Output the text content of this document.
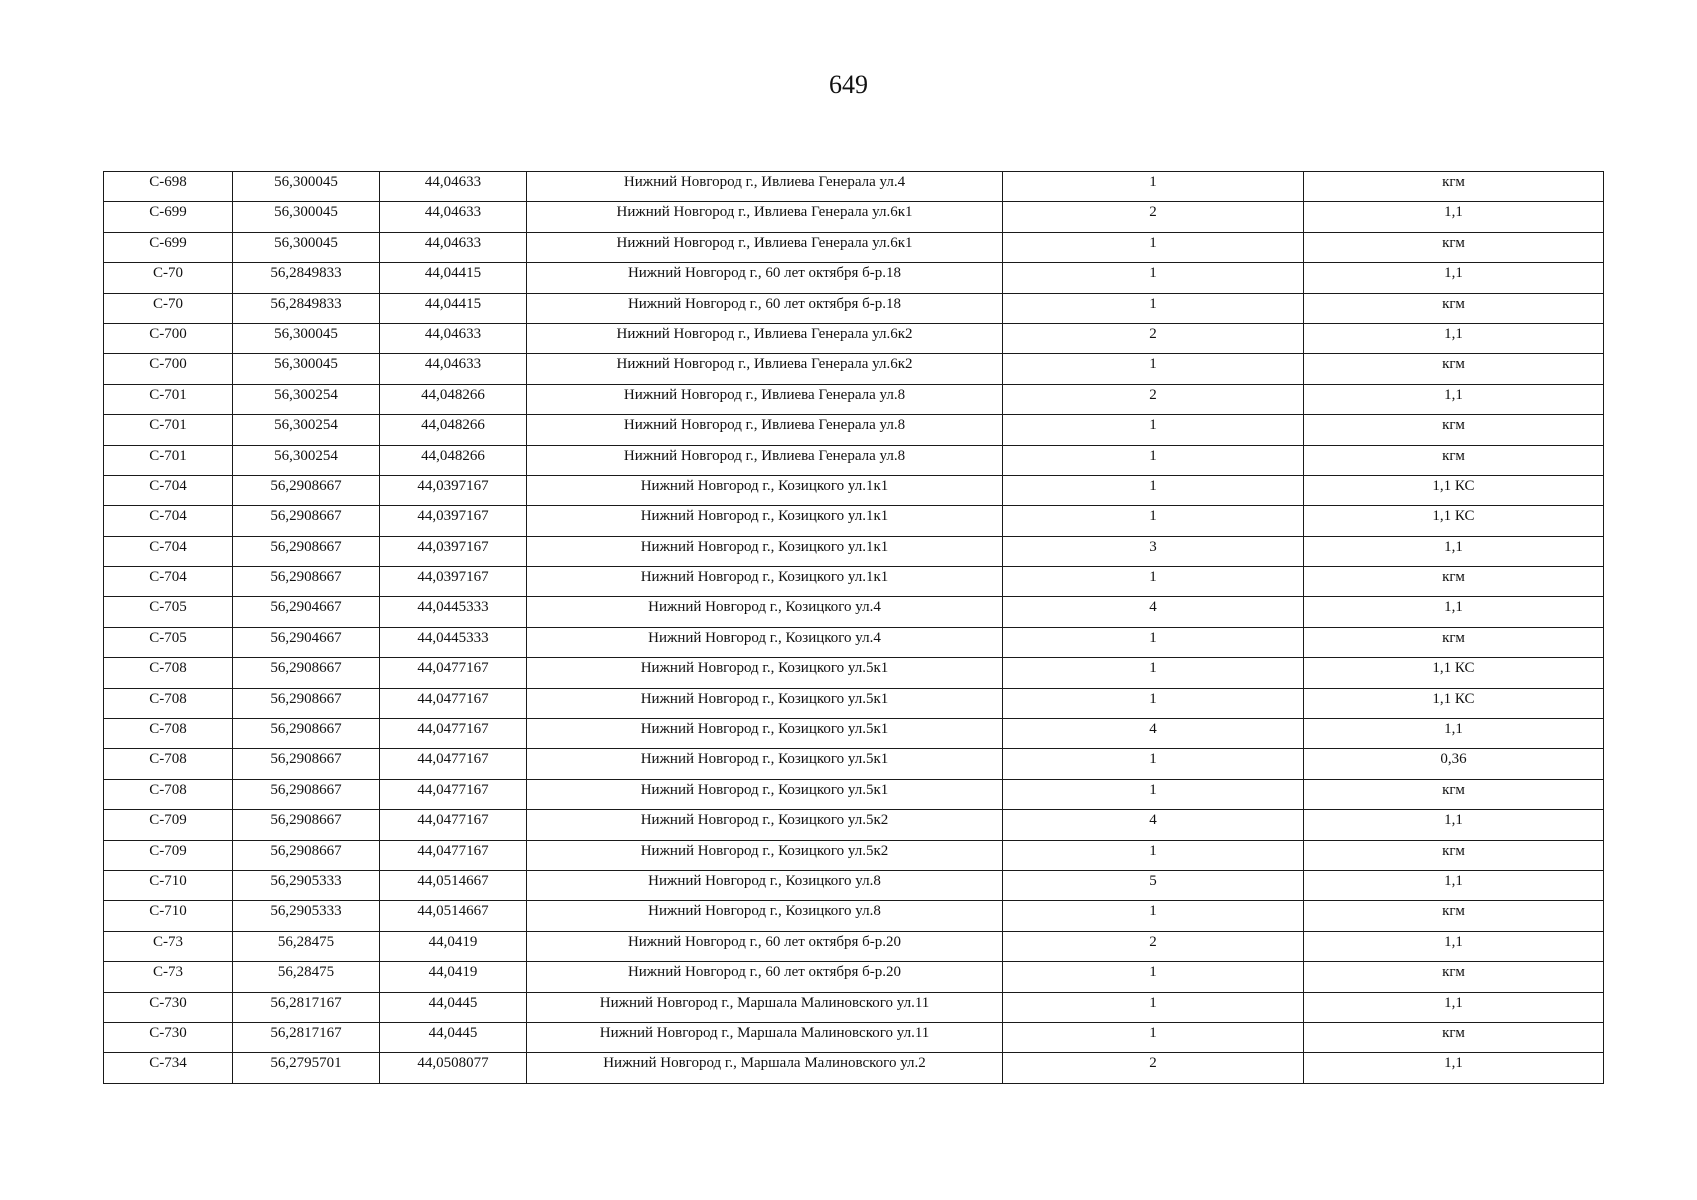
649
С-698	56,300045	44,04633	Нижний Новгород г., Ивлиева Генерала ул.4	1	кгм
С-699	56,300045	44,04633	Нижний Новгород г., Ивлиева Генерала ул.6к1	2	1,1
С-699	56,300045	44,04633	Нижний Новгород г., Ивлиева Генерала ул.6к1	1	кгм
С-70	56,2849833	44,04415	Нижний Новгород г., 60 лет октября б-р.18	1	1,1
С-70	56,2849833	44,04415	Нижний Новгород г., 60 лет октября б-р.18	1	кгм
С-700	56,300045	44,04633	Нижний Новгород г., Ивлиева Генерала ул.6к2	2	1,1
С-700	56,300045	44,04633	Нижний Новгород г., Ивлиева Генерала ул.6к2	1	кгм
С-701	56,300254	44,048266	Нижний Новгород г., Ивлиева Генерала ул.8	2	1,1
С-701	56,300254	44,048266	Нижний Новгород г., Ивлиева Генерала ул.8	1	кгм
С-701	56,300254	44,048266	Нижний Новгород г., Ивлиева Генерала ул.8	1	кгм
С-704	56,2908667	44,0397167	Нижний Новгород г., Козицкого ул.1к1	1	1,1 КС
С-704	56,2908667	44,0397167	Нижний Новгород г., Козицкого ул.1к1	1	1,1 КС
С-704	56,2908667	44,0397167	Нижний Новгород г., Козицкого ул.1к1	3	1,1
С-704	56,2908667	44,0397167	Нижний Новгород г., Козицкого ул.1к1	1	кгм
С-705	56,2904667	44,0445333	Нижний Новгород г., Козицкого ул.4	4	1,1
С-705	56,2904667	44,0445333	Нижний Новгород г., Козицкого ул.4	1	кгм
С-708	56,2908667	44,0477167	Нижний Новгород г., Козицкого ул.5к1	1	1,1 КС
С-708	56,2908667	44,0477167	Нижний Новгород г., Козицкого ул.5к1	1	1,1 КС
С-708	56,2908667	44,0477167	Нижний Новгород г., Козицкого ул.5к1	4	1,1
С-708	56,2908667	44,0477167	Нижний Новгород г., Козицкого ул.5к1	1	0,36
С-708	56,2908667	44,0477167	Нижний Новгород г., Козицкого ул.5к1	1	кгм
С-709	56,2908667	44,0477167	Нижний Новгород г., Козицкого ул.5к2	4	1,1
С-709	56,2908667	44,0477167	Нижний Новгород г., Козицкого ул.5к2	1	кгм
С-710	56,2905333	44,0514667	Нижний Новгород г., Козицкого ул.8	5	1,1
С-710	56,2905333	44,0514667	Нижний Новгород г., Козицкого ул.8	1	кгм
С-73	56,28475	44,0419	Нижний Новгород г., 60 лет октября б-р.20	2	1,1
С-73	56,28475	44,0419	Нижний Новгород г., 60 лет октября б-р.20	1	кгм
С-730	56,2817167	44,0445	Нижний Новгород г., Маршала Малиновского ул.11	1	1,1
С-730	56,2817167	44,0445	Нижний Новгород г., Маршала Малиновского ул.11	1	кгм
С-734	56,2795701	44,0508077	Нижний Новгород г., Маршала Малиновского ул.2	2	1,1
